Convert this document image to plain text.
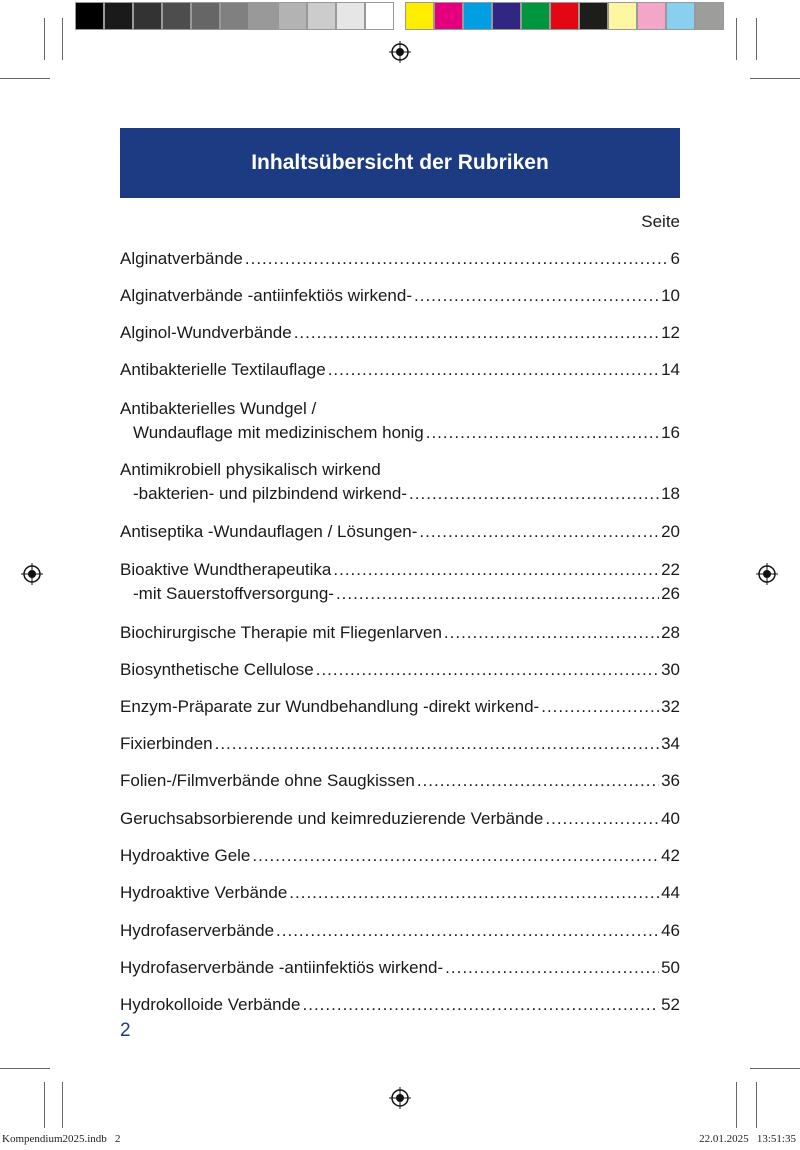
Inhaltsübersicht der Rubriken
Seite
Alginatverbände .....	6
Alginatverbände -antiinfektiös wirkend- .....	10
Alginol-Wundverbände .....	12
Antibakterielle Textilauflage .....	14
Antibakterielles Wundgel /
Wundauflage mit medizinischem honig .....	16
Antimikrobiell physikalisch wirkend
-bakterien- und pilzbindend wirkend- .....	18
Antiseptika -Wundauflagen / Lösungen- .....	20
Bioaktive Wundtherapeutika .....	22
-mit Sauerstoffversorgung- .....	26
Biochirurgische Therapie mit Fliegenlarven .....	28
Biosynthetische Cellulose .....	30
Enzym-Präparate zur Wundbehandlung -direkt wirkend- .....	32
Fixierbinden .....	34
Folien-/Filmverbände ohne Saugkissen .....	36
Geruchsabsorbierende und keimreduzierende Verbände .....	40
Hydroaktive Gele .....	42
Hydroaktive Verbände .....	44
Hydrofaserverbände .....	46
Hydrofaserverbände -antiinfektiös wirkend- .....	50
Hydrokolloide Verbände .....	52
2
Kompendium2025.indb   2	22.01.2025   13:51:35
